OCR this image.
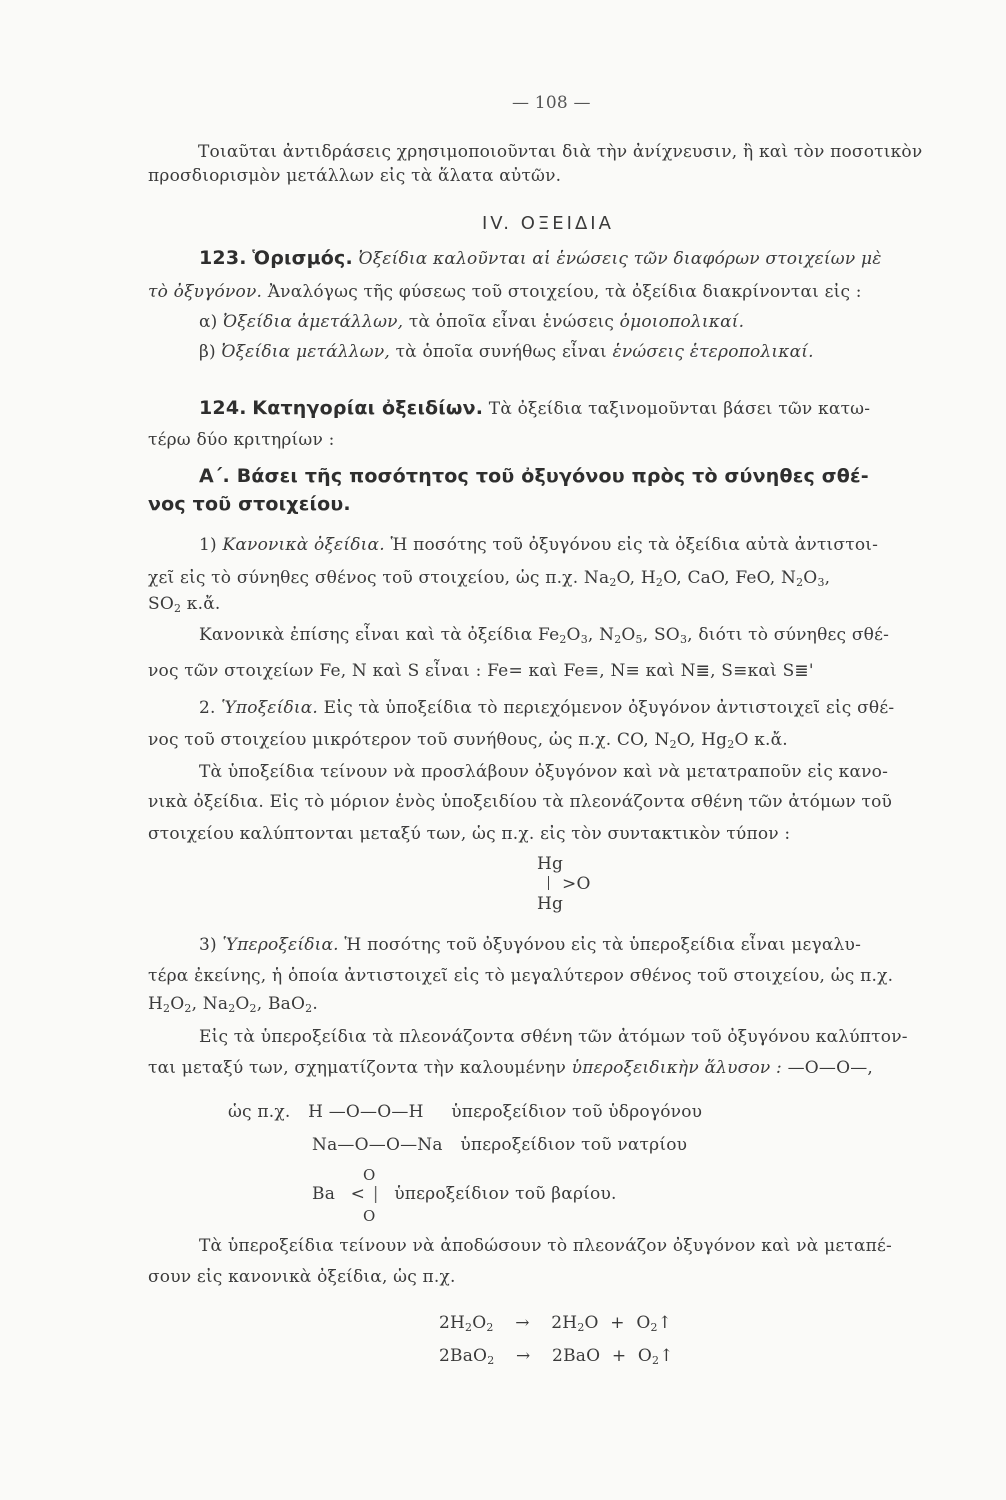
— 108 —
Τοιαῦται ἀντιδράσεις χρησιμοποιοῦνται διὰ τὴν ἀνίχνευσιν, ἢ καὶ τὸν ποσοτικὸν
προσδιορισμὸν μετάλλων εἰς τὰ ἅλατα αὐτῶν.
IV. ΟΞΕΙΔΙΑ
123. Ὁρισμός. Ὀξείδια καλοῦνται αἱ ἑνώσεις τῶν διαφόρων στοιχείων μὲ
τὸ ὀξυγόνον. Ἀναλόγως τῆς φύσεως τοῦ στοιχείου, τὰ ὀξείδια διακρίνονται εἰς :
α) Ὀξείδια ἀμετάλλων, τὰ ὁποῖα εἶναι ἑνώσεις ὁμοιοπολικαί.
β) Ὀξείδια μετάλλων, τὰ ὁποῖα συνήθως εἶναι ἑνώσεις ἑτεροπολικαί.
124. Κατηγορίαι ὀξειδίων. Τὰ ὀξείδια ταξινομοῦνται βάσει τῶν κατω-
τέρω δύο κριτηρίων :
Α΄. Βάσει τῆς ποσότητος τοῦ ὀξυγόνου πρὸς τὸ σύνηθες σθέ-
νος τοῦ στοιχείου.
1) Κανονικὰ ὀξείδια. Ἡ ποσότης τοῦ ὀξυγόνου εἰς τὰ ὀξείδια αὐτὰ ἀντιστοι-
χεῖ εἰς τὸ σύνηθες σθένος τοῦ στοιχείου, ὡς π.χ. $Na_2O$, $H_2O$, CaO, FeO, $N_2O_3$,
$SO_2$ κ.ἄ.
Κανονικὰ ἐπίσης εἶναι καὶ τὰ ὀξείδια $Fe_2O_3$, $N_2O_5$, $SO_3$, διότι τὸ σύνηθες σθέ-
νος τῶν στοιχείων Fe, N καὶ S εἶναι : Fe= καὶ Fe≡, N≡ καὶ N≣, S≡καὶ S≣'
2. Ὑποξείδια. Εἰς τὰ ὑποξείδια τὸ περιεχόμενον ὀξυγόνον ἀντιστοιχεῖ εἰς σθέ-
νος τοῦ στοιχείου μικρότερον τοῦ συνήθους, ὡς π.χ. CO, $N_2O$, $Hg_2O$ κ.ἄ.
Τὰ ὑποξείδια τείνουν νὰ προσλάβουν ὀξυγόνον καὶ νὰ μετατραποῦν εἰς κανο-
νικὰ ὀξείδια. Εἰς τὸ μόριον ἑνὸς ὑποξειδίου τὰ πλεονάζοντα σθένη τῶν ἀτόμων τοῦ
στοιχείου καλύπτονται μεταξύ των, ὡς π.χ. εἰς τὸν συντακτικὸν τύπον :
Hg
>O
Hg
3) Ὑπεροξείδια. Ἡ ποσότης τοῦ ὀξυγόνου εἰς τὰ ὑπεροξείδια εἶναι μεγαλυ-
τέρα ἐκείνης, ἡ ὁποία ἀντιστοιχεῖ εἰς τὸ μεγαλύτερον σθένος τοῦ στοιχείου, ὡς π.χ.
$H_2O_2$, $Na_2O_2$, BaO$_2$.
Εἰς τὰ ὑπεροξείδια τὰ πλεονάζοντα σθένη τῶν ἀτόμων τοῦ ὀξυγόνου καλύπτον-
ται μεταξύ των, σχηματίζοντα τὴν καλουμένην ὑπεροξειδικὴν ἅλυσον : —O—O—,
ὡς π.χ. H —O—O—H ὑπεροξείδιον τοῦ ὑδρογόνου
Na—O—O—Na ὑπεροξείδιον τοῦ νατρίου
O
Ba < | ὑπεροξείδιον τοῦ βαρίου.
O
Τὰ ὑπεροξείδια τείνουν νὰ ἀποδώσουν τὸ πλεονάζον ὀξυγόνον καὶ νὰ μεταπέ-
σουν εἰς κανονικὰ ὀξείδια, ὡς π.χ.
$2H_2O_2 \to 2H_2O$ + $O_2↑$
$2BaO_2 \to 2BaO + O_2↑$
